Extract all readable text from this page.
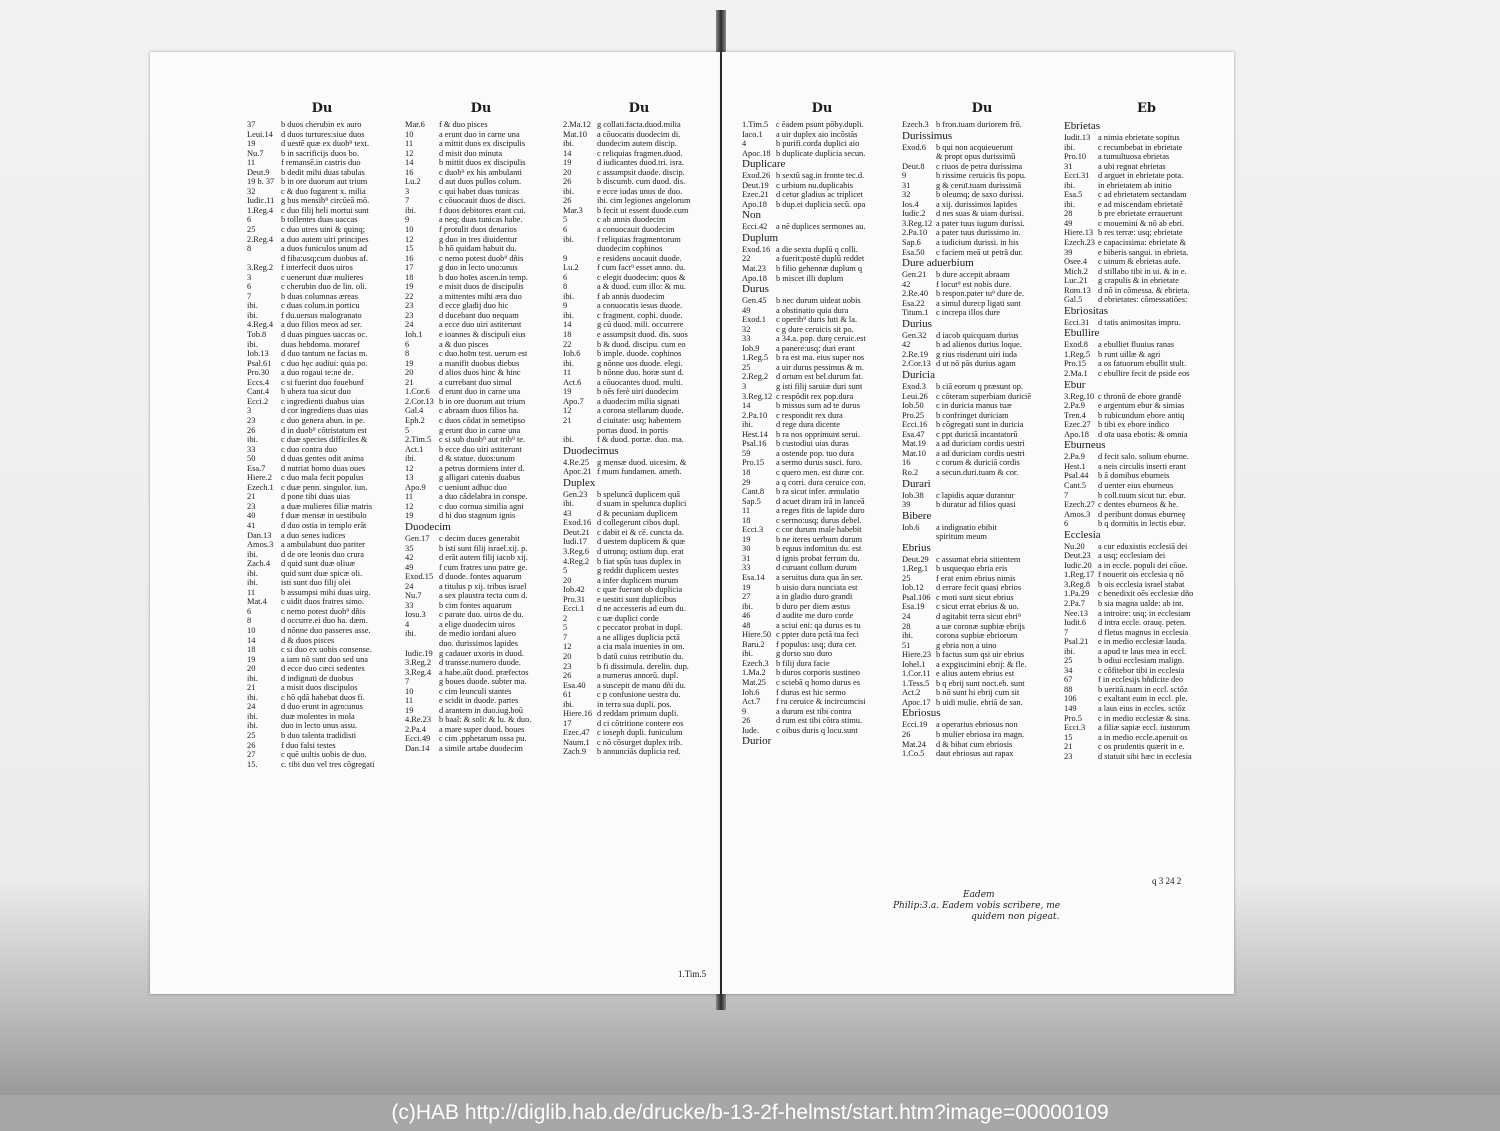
Du
37	b duos cherubin ex auro
Leui.14 d duos turtures:siue duos
19	d uestē quæ ex duob⁹ text.
Nu.7	b in sacrificijs duos bo.
11	f remansē.in castris duo
Deut.9	b dedit mihi duas tabulas
19 b. 37 b in ore duorum aut trium
32	c & duo fugarent x. milia
Iudic.11 g bus mensib⁹ circūeā mō.
1.Reg.4 c duo filij heli mortui sunt
6	b tollentes duas uaccas
25	c duo utres uini & quinq;
2.Reg.4 a duo autem uiri principes
8	a duos funiculos unum ad
d fiba:usq;cum duobus af.
3.Reg.2 f interfecit duos uiros
3	c uenerunt duæ mulieres
6	c cherubin duo de lin. oli.
7	b duas columnas æreas
ibi.	c duas colum.in porticu
ibi.	f du.uersus malogranato
4.Reg.4 a duo filios meos ad ser.
Tob.8	d duas pingues uaccas oc.
ibi.	duas hebdoma. moraref
Iob.13	d duo tantum ne facias m.
Psal.61	c duo hęc audiui: quia po.
Pro.30	a duo rogaui te:ne de.
Eccs.4	c si fuerint duo fouebunf
Cant.4	b ubera tua sicut duo
Ecci.2	c ingredienti duabus uias
3	d cor ingrediens duas uias
23	c duo genera abun. in pe.
26	d in duob⁹ cōtristatum est
ibi.	c duæ species difficiles &
33	c duo contra duo
50	d duas gentes odit anima
Esa.7	d nutriat homo duas oues
Hiere.2	c duo mala fecit populus
Ezech.1 c duæ penn. singulor. iun.
21	d pone tibi duas uias
23	a duæ mulieres filiæ matris
40	f duæ mensæ in uestibulo
41	d duo ostia in templo erāt
Dan.13	a duo senes iudices
Amos.3 a ambulabunt duo pariter
ibi.	d de ore leonis duo crura
Zach.4	d quid sunt duæ oliuæ
ibi.	quid sunt duæ spicæ oli.
ibi.	isti sunt duo filij olei
11	b assumpsi mihi duas uirg.
Mat.4	c uidit duos fratres simo.
6	c nemo potest duob⁹ dñis
8	d occurre.ei duo ha. dæm.
10	d nōnne duo passeres asse.
14	d & duos pisces
18	c si duo ex uobis consense.
19	a iam nō sunt duo sed una
20	d ecce duo cæci sedentes
ibi.	d indignati de duobus
21	a misit duos discipulos
ibi.	c hō qdā habebat duos fi.
24	d duo erunt in agro:unus
ibi.	duæ molentes in mola
ibi.	duo in lecto unus assu.
25	b duo talenta tradidisti
26	f duo falsi testes
27	c quē uultis uobis de duo.
15.	c. tibi duo vel tres cōgregati
Du
Mar.6	f & duo pisces
10	a erunt duo in carne una
11	a mittit duos ex discipulis
12	d misit duo minuta
14	b mittit duos ex discipulis
16	c duob⁹ ex his ambulanti
Lu.2	d aut duos pullos colum.
3	c qui habet duas tunicas
7	c cōuocauit duos de disci.
ibi.	f duos debitores erant cui.
9	a neq; duas tunicas habe.
10	f protulit duos denarios
12	g duo in tres diuidentur
15	b hō quidam habuit du.
16	c nemo potest duob⁹ dñis
17	g duo in lecto uno:unus
18	b duo hoīes ascen.in temp.
19	e misit duos de discipulis
22	a mittentes mihi æra duo
23	d ecce gladij duo hic
23	d ducebant duo nequam
24	a ecce duo uiri astiterunt
Ioh.1	e ioannes & discipuli eius
6	a & duo pisces
8	c duo.hoīm test. uerum est
19	a manifit duobus diebus
20	d alios duos hinc & hinc
21	a currebant duo simul
1.Cor.6	d erunt duo in carne una
2.Cor.13 b in ore duorum aut trium
Gal.4	c abraam duos filios ha.
Eph.2	c duos cōdat in semetipso
5	g erunt duo in carne una
2.Tim.5 c si sub duob⁹ aut trib⁹ te.
Act.1	b ecce duo uiri astiterunt
ibi.	d & statue. duos:unum
12	a petrus dormiens inter d.
13	g alligari catenis duabus
Apo.9	c ueniunt adhuc duo
11	a duo cādelabra in conspe.
12	c duo cornua similia agni
19	d hi duo stagnum ignis
Duodecim
Gen.17	c decim duces generabit
35	b isti sunt filij israel.xij. p.
42	d erāt autem filij iacob xij.
49	f cum fratres uno patre ge.
Exod.15 d duode. fontes aquarum
24	a titulus p xij. tribus israel
Nu.7	a sex plaustra tecta cum d.
33	b cim fontes aquarum
Iosu.3	c parate duo. uiros de du.
4	a elige duodecim uiros
ibi.	de medio iordani alueo
duo. durissimos lapides
Iudic.19 g cadauer uxoris in duod.
3.Reg.2 d transse.numero duode.
3.Reg.4 a habe.aūt duod. præfectos
7	g boues duode. subter ma.
10	c cim leunculi stantes
11	e scidit in duode. partes
19	d arantem in duo.iug.boū
4.Re.23 b baal: & soli: & lu. & duo.
2.Pa.4	a mare super duod. boues
Ecci.49	c cim .pphetarum ossa pu.
Dan.14	a simile artabe duodecim
Du
2.Ma.12 g collati.facta.duod.milia
Mat.10	a cōuocatis duodecim di.
ibi.	duodecim autem discip.
14	c reliquias fragmen.duod.
19	d iudicantes duod.tri. isra.
20	c assumpsit duode. discip.
26	b discumb. cum duod. dis.
ibi.	e ecce iudas unus de duo.
26	ibi. cim legiones angelorum
Mar.3	b fecit ut essent duode.cum
5	c ab annis duodecim
6	a conuocauit duodecim
ibi.	f reliquias fragmentorum
duodecim cophinos
9	e residens uocauit duode.
Lu.2	f cum fact⁹ esset anno. du.
6	c elegit duodecim: quos &
8	a & duod. cum illo: & mu.
ibi.	f ab annis duodecim
9	a conuocatis iesus duode.
ibi.	c fragment. cophi. duode.
14	g cū duod. mili. occurrere
18	e assumpsit duod. dis. suos
22	b & duod. discipu. cum eo
Ioh.6	b imple. duode. cophinos
ibi.	g nōnne uos duode. elegi.
11	b nōnne duo. horæ sunt d.
Act.6	a cōuocantes duod. multi.
19	b oēs ferè uiri duodecim
Apo.7	a duodecim milia signati
12	a corona stellarum duode.
21	d ciuitate: usq; habentem
portas duod. in portis
ibi.	f & duod. portæ. duo. ma.
Duodecimus
4.Re.25 g mensæ duod. uicesim. &
Apoc.21 f mum fundamen. ameth.
Duplex
Gen.23	b speluncā duplicem quā
ibi.	d suam in spelunca duplici
43	d & pecuniam duplicem
Exod.16 d collegerunt cibos dupl.
Deut.21 c dabit ei & cē. cuncta da.
Iudi.17	d uestem duplicem & quæ
3.Reg.6 d utrunq; ostium dup. erat
4.Reg.2 b fiat spūs tuus duplex in
5	g reddit duplicem uestes
20	a infer duplicem murum
Iob.42	c quæ fuerant ob duplicia
Pro.31	e uestiti sunt duplicibus
Ecci.1	d ne accesseris ad eum du.
2	c uæ duplici corde
5	c peccator probat in dupl.
7	a ne alliges duplicia pctā
12	a cia mala inuenies in om.
20	b datū cuius retributio du.
23	b fi dissimula. derelin. dup.
26	a numerus annorū. dupl.
Esa.40	a suscepit de manu dñi du.
61	c p confusione uestra du.
ibi.	in terra sua dupli. pos.
Hiere.16 d reddam primum dupli.
17	d ci cōtritione contere eos
Ezec.47 c ioseph dupli. funiculum
Naum.1 c nō cōsurget duplex trib.
Zach.9	b annunciās duplicia red.
1.Tim.5
Du
1.Tim.5 c ēadem psunt pōby.dupli.
Iaco.1	a uir duplex aio incōstās
4	b purifi.corda duplici aio
Apoc.18 b duplicate duplicia secun.
Duplicare
Exod.26 b sextū sag.in fronte tec.d.
Deut.19 c urbium nu.duplicabis
Ezec.21 d cetur gladius ac triplicet
Apo.18	b dup.ei duplicia secū. opa
Non
Ecci.42	a nē duplices sermones au.
Duplum
Exod.16 a die sexta duplū q colli.
22	a fuerit:postē duplū reddet
Mat.23	b filio gehennæ duplum q
Apo.18	b miscet illi duplum
Durus
Gen.45	b nec durum uideat uobis
49	a obstinatio quia dura
Exod.1	c operib⁹ duris luti & la.
32	c g dure ceruicis sit po.
33	a 34.a. pop. durę ceruic.est
Iob.9	a panere:usq; duri erant
1.Reg.5 b ra est ma. eius super nos
25	a uir durus pessimus & m.
2.Reg.2 d ortum est bel.durum fat.
3	g isti filij saruiæ duri sunt
3.Reg.12 c respōdit rex pop.dura
14	b missus sum ad te durus
2.Pa.10	c respondit rex dura
ibi.	d rege dura dicente
Hest.14 b ra nos opprimunt serui.
Psal.16	b custodiui uias duras
59	a ostende pop. tuo dura
Pro.15	a sermo durus susci. furo.
18	c quero men. est duræ cor.
29	a q corri. dura ceruice con.
Cant.8	b ra sicut infer. æmulatio
Sap.5	d acuet diram irā in lanceā
11	a reges fitis de lapide duro
18	c sermo:usq; durus debel.
Ecci.3	c cor durum male habebit
19	b ne iteres uerbum durum
30	b equus indomitus du. est
31	d ignis probat ferrum du.
33	d curuant collum durum
Esa.14	a seruitus dura qua ān ser.
19	b uisio dura nunciata est
27	a in gladio duro grandi
ibi.	b duro per diem æstus
46	d audite me duro corde
48	a sciui eni: qa durus es tu
Hiere.50 c ppter dura pctā tua feci
Baru.2	f populus: usq; dura cer.
ibi.	g dorso suo duro
Ezech.3 b filij dura facie
1.Ma.2	b duros corporis sustineo
Mat.25	c sciebā q homo durus es
Ioh.6	f durus est hic sermo
Act.7	f ra ceruice & incircumcisi
9	a durum est tibi contra
26	d rum est tibi cōtra stimu.
Iude.	c oibus duris q locu.sunt
Durior
Du
Ezech.3 b fron.tuam duriorem frō.
Durissimus
Exod.6	b qui non acquieuerunt
& propt opus durissimū
Deut.8	c riuos de petra durissima
9	b rissime ceruicis fis popu.
31	g & ceruī.tuam durissimā
32	b oleumq; de saxo durissi.
Ios.4	a xij. durissimos lapides
Iudic.2	d nes suas & uiam durissi.
3.Reg.12 a pater tuus iugum durissi.
2.Pa.10	a pater tuus durissimo in.
Sap.6	a iudicium durissi. in his
Esa.50	c faciem meā ut petrā dur.
Dure aduerbium
Gen.21	b dure accepit abraam
42	f locut⁹ est nobis dure.
2.Re.40 b respon.pater tu⁹ dure de.
Esa.22	a simul durecp ligati sunt
Titum.1 c increpa illos dure
Durius
Gen.32	d iacob quicquam durius
42	b ad alienos durius loque.
2.Re.19 g rius risderunt uiri iuda
2.Cor.13 d ut nō pās durius agam
Duricia
Exod.3	b ciā eorum q præsunt op.
Leui.26 c cōteram superbiam duriciē
Iob.50	c in duricia manus tuæ
Pro.25	b confringet duriciam
Ecci.16	b cōgregati sunt in duricia
Esa.47	c ppt duriciā incantatorū
Mat.19	a ad duriciam cordis uestri
Mar.10	a ad duriciam cordis uestri
16	c corum & duriciā cordis
Ro.2	a secun.duri.tuam & cor.
Durari
Iob.38	c lapidis aquæ durantur
39	b duratur ad filios quasi
Bibere
Iob.6	a indignatio ebibit
spiritum meum
Ebrius
Deut.29 c assumat ebria sitientem
1.Reg.1 b usquequo ebria eris
25	f erat enim ebrius nimis
Iob.12	d errare fecit quasi ebrios
Psal.106 c moti sunt sicut ebrius
Esa.19	c sicut errat ebrius & uo.
24	d agitabit terra sicut ebri⁹
28	a uæ coronæ supbiæ ebrijs
ibi.	corona supbiæ ebriorum
51	g ebria non a uino
Hiere.23 b factus sum qsi uir ebrius
Iohel.1	a expgiscimini ebrij: & fle.
1.Cor.11 e alius autem ebrius est
1.Tess.5 b q ebrij sunt noct.eb. sunt
Act.2	b nō sunt hi ebrij cum sit
Apoc.17 b uidi mulie. ebriā de san.
Ebriosus
Ecci.19	a operarius ebriosus non
26	b mulier ebriosa ira magn.
Mat.24	d & bibat cum ebriosis
1.Co.5	daut ebriosus aut rapax
Eb
Ebrietas
Iudit.13 a nimia ebrietate sopitus
ibi.	c recumbebat in ebrietate
Pro.10	a tumultuosa ebrietas
31	a ubi regnat ebrietas
Ecci.31	d arguet in ebrietate pota.
ibi.	in ebrietatem ab initio
Esa.5	c ad ebrietatem sectandam
ibi.	e ad miscendam ebrietatē
28	b pre ebrietate errauerunt
49	c mouemini & nō ab ebri.
Hiere.13 b res terræ: usq; ebrietate
Ezech.23 e capacissima: ebrietate &
39	e biberis sangui. in ebrieta.
Osee.4	c uinum & ebrietas aufe.
Mich.2	d stillabo tibi in ui. & in e.
Luc.21	g crapulis & in ebrietate
Rom.13 d nō in cōmessa. & ebrieta.
Gal.5	d ebrietates: cōmessatiōes:
Ebriositas
Ecci.31	d tatis animositas impru.
Ebullire
Exod.8	a ebulliet fluuius ranas
1.Reg.5 b runt uillæ & agri
Pro.15	a os fatuorum ebullit stult.
2.Ma.1	c ebullire fecit de pside eos
Ebur
3.Reg.10 c thronū de ebore grandē
2.Pa.9	e argentum ebur & simias
Tren.4	b rubicundum ebore antiq
Ezec.27 b tibi ex ebore indico
Apo.18	d oīa uasa ebotis: & omnia
Eburneus
2.Pa.9	d fecit salo. solium eburne.
Hest.1	a neis circulis inserti erant
Psal.44	b ā domibus eburneis
Cant.5	d uenter eius eburneus
7	b coll.tuum sicut tur. ebur.
Ezech.27 c dentes eburneos & he.
Amos.3 d peribunt domus eburneę
6	b q dormitis in lectis ebur.
Ecclesia
Nu.20	a cur eduxistis ecclesiā dei
Deut.23 a usq; ecclesiam dei
Iudic.20 a in eccle. populi dei cōue.
1.Reg.17 f nouerit ois ecclesia q nō
3.Reg.8 b ois ecclesia israel stabat
1.Pa.29	c benedixit oēs ecclesiæ dño
2.Pa.7	b sia magna ualde: ab int.
Nee.13	a introire: usq; in ecclesiam
Iudit.6	d intra eccle. orauę. peten.
7	d fletus magnus in ecclesia
Psal.21	e in medio ecclesiæ lauda.
ibi.	a apud te laus mea in eccl.
25	b odiui ecclesiam malign.
34	c cōfitebor tibi in ecclesia
67	f in ecclesijs bñdicite deo
88	b ueritā.tuam in eccl. sctōz
106	c exaltant eum in eccl. ple.
149	a laus eius in eccles. sctōz
Pro.5	c in medio ecclesiæ & sina.
Ecci.3	a filiæ sapiæ eccl. iustorum
15	a in medio eccle.aperuit os
21	c os prudentis quærit in e.
23	d statuit sibi hæc in ecclesia
q 3 24 2
Eadem
Philip:3.a. Eadem vobis scribere, me
quidem non pigeat.
(c)HAB http://diglib.hab.de/drucke/b-13-2f-helmst/start.htm?image=00000109
